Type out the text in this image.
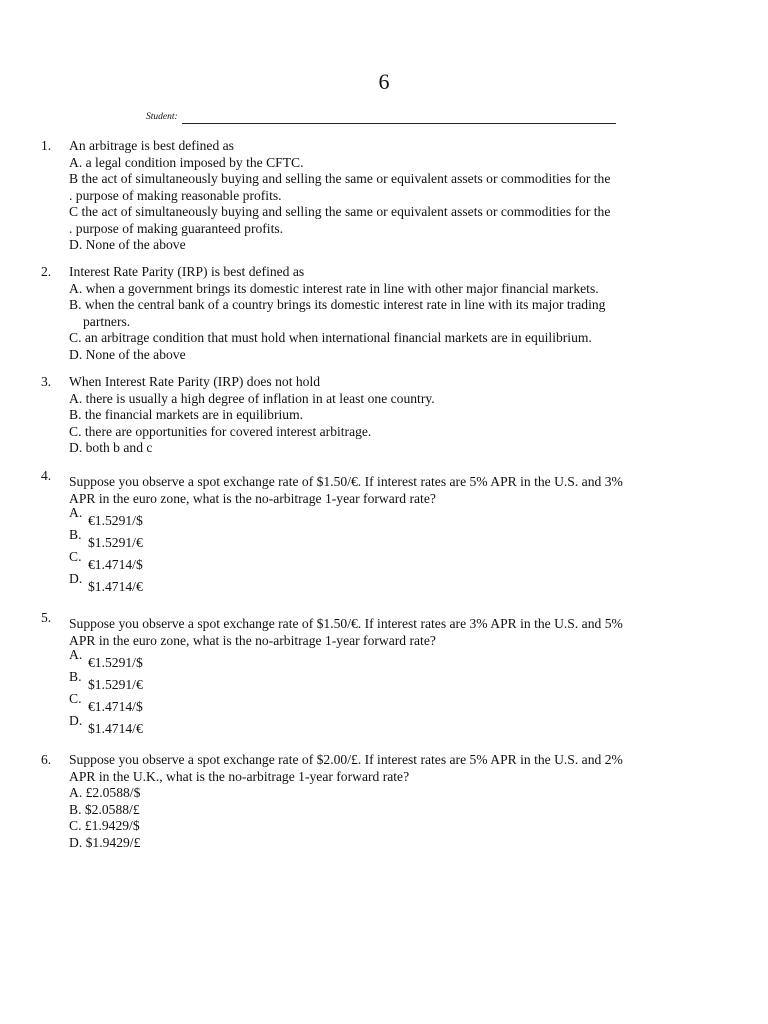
6
Student:
1. An arbitrage is best defined as
A. a legal condition imposed by the CFTC.
B the act of simultaneously buying and selling the same or equivalent assets or commodities for the
. purpose of making reasonable profits.
C the act of simultaneously buying and selling the same or equivalent assets or commodities for the
. purpose of making guaranteed profits.
D. None of the above
2. Interest Rate Parity (IRP) is best defined as
A. when a government brings its domestic interest rate in line with other major financial markets.
B. when the central bank of a country brings its domestic interest rate in line with its major trading
partners.
C. an arbitrage condition that must hold when international financial markets are in equilibrium.
D. None of the above
3. When Interest Rate Parity (IRP) does not hold
A. there is usually a high degree of inflation in at least one country.
B. the financial markets are in equilibrium.
C. there are opportunities for covered interest arbitrage.
D. both b and c
4. Suppose you observe a spot exchange rate of $1.50/€. If interest rates are 5% APR in the U.S. and 3%
APR in the euro zone, what is the no-arbitrage 1-year forward rate?
A.
€1.5291/$
B.
$1.5291/€
C.
€1.4714/$
D.
$1.4714/€
5. Suppose you observe a spot exchange rate of $1.50/€. If interest rates are 3% APR in the U.S. and 5%
APR in the euro zone, what is the no-arbitrage 1-year forward rate?
A.
€1.5291/$
B.
$1.5291/€
C.
€1.4714/$
D.
$1.4714/€
6. Suppose you observe a spot exchange rate of $2.00/£. If interest rates are 5% APR in the U.S. and 2%
APR in the U.K., what is the no-arbitrage 1-year forward rate?
A. £2.0588/$
B. $2.0588/£
C. £1.9429/$
D. $1.9429/£
